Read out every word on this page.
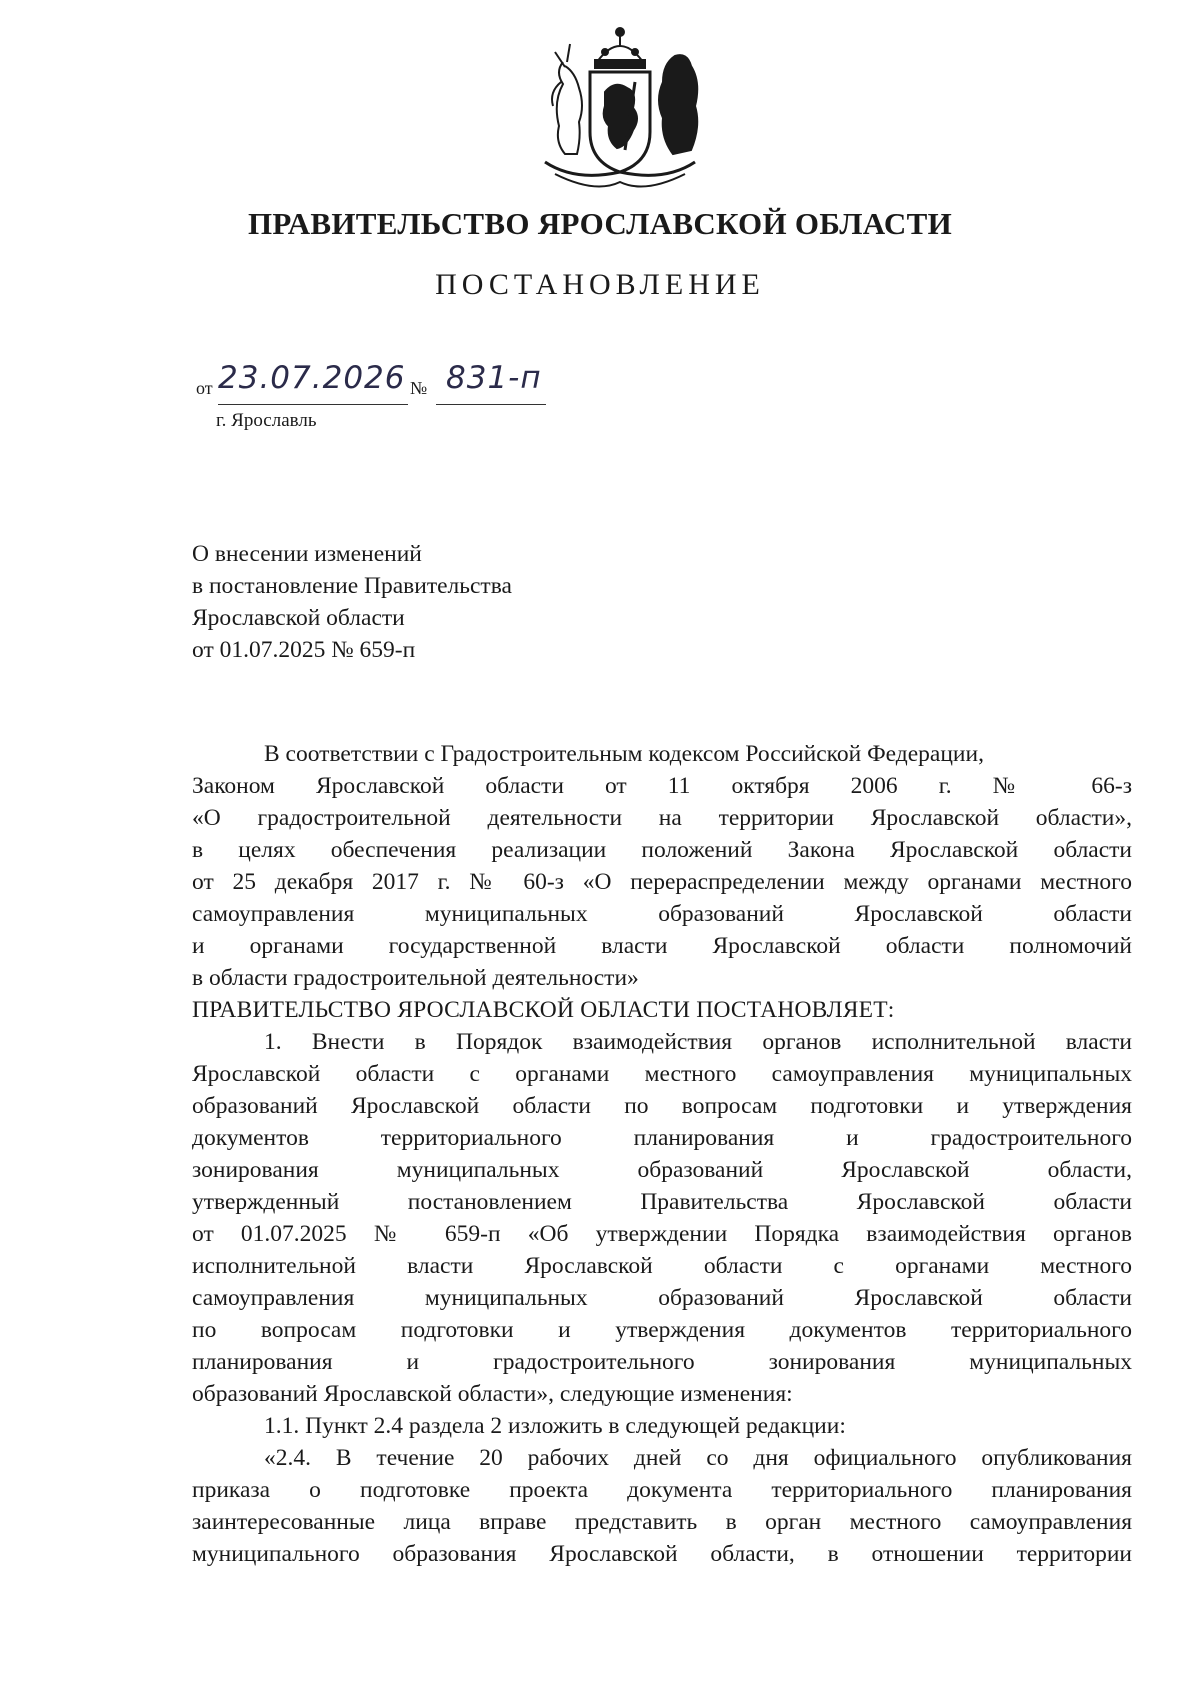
ПРАВИТЕЛЬСТВО ЯРОСЛАВСКОЙ ОБЛАСТИ
ПОСТАНОВЛЕНИЕ
от 23.07.2026 № 831-п
г. Ярославль
О внесении изменений
в постановление Правительства
Ярославской области
от 01.07.2025 № 659-п
В соответствии с Градостроительным кодексом Российской Федерации,
Законом Ярославской области от 11 октября 2006 г. № 66-з
«О градостроительной деятельности на территории Ярославской области»,
в целях обеспечения реализации положений Закона Ярославской области
от 25 декабря 2017 г. № 60-з «О перераспределении между органами местного
самоуправления муниципальных образований Ярославской области
и органами государственной власти Ярославской области полномочий
в области градостроительной деятельности»
ПРАВИТЕЛЬСТВО ЯРОСЛАВСКОЙ ОБЛАСТИ ПОСТАНОВЛЯЕТ:
1. Внести в Порядок взаимодействия органов исполнительной власти
Ярославской области с органами местного самоуправления муниципальных
образований Ярославской области по вопросам подготовки и утверждения
документов территориального планирования и градостроительного
зонирования муниципальных образований Ярославской области,
утвержденный постановлением Правительства Ярославской области
от 01.07.2025 № 659-п «Об утверждении Порядка взаимодействия органов
исполнительной власти Ярославской области с органами местного
самоуправления муниципальных образований Ярославской области
по вопросам подготовки и утверждения документов территориального
планирования и градостроительного зонирования муниципальных
образований Ярославской области», следующие изменения:
1.1. Пункт 2.4 раздела 2 изложить в следующей редакции:
«2.4. В течение 20 рабочих дней со дня официального опубликования
приказа о подготовке проекта документа территориального планирования
заинтересованные лица вправе представить в орган местного самоуправления
муниципального образования Ярославской области, в отношении территории
